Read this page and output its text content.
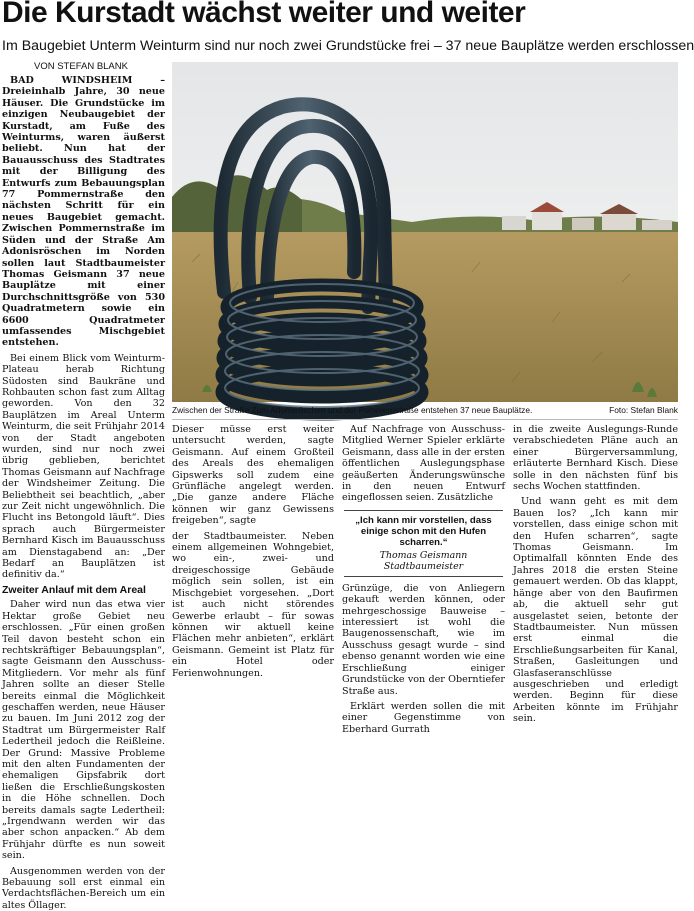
Die Kurstadt wächst weiter und weiter
Im Baugebiet Unterm Weinturm sind nur noch zwei Grundstücke frei – 37 neue Bauplätze werden erschlossen
VON STEFAN BLANK

BAD WINDSHEIM – Dreieinhalb Jahre, 30 neue Häuser. Die Grundstücke im einzigen Neubaugebiet der Kurstadt, am Fuße des Weinturms, waren äußerst beliebt. Nun hat der Bauausschuss des Stadtrates mit der Billigung des Entwurfs zum Bebauungsplan 77 Pommernstraße den nächsten Schritt für ein neues Baugebiet gemacht. Zwischen Pommernstraße im Süden und der Straße Am Adonisröschen im Norden sollen laut Stadtbaumeister Thomas Geismann 37 neue Bauplätze mit einer Durchschnittsgröße von 530 Quadratmetern sowie ein 6600 Quadratmeter umfassendes Mischgebiet entstehen.

Bei einem Blick vom Weinturm-Plateau herab Richtung Südosten sind Baukräne und Rohbauten schon fast zum Alltag geworden. Von den 32 Bauplätzen im Areal Unterm Weinturm, die seit Frühjahr 2014 von der Stadt angeboten wurden, sind nur noch zwei übrig geblieben, berichtet Thomas Geismann auf Nachfrage der Windsheimer Zeitung. Die Beliebtheit sei beachtlich, „aber zur Zeit nicht ungewöhnlich. Die Flucht ins Betongold läuft“. Dies sprach auch Bürgermeister Bernhard Kisch im Bauausschuss am Dienstagabend an: „Der Bedarf an Bauplätzen ist definitiv da.“

Zweiter Anlauf mit dem Areal

Daher wird nun das etwa vier Hektar große Gebiet neu erschlossen. „Für einen großen Teil davon besteht schon ein rechtskräftiger Bebauungsplan“, sagte Geismann den Ausschuss-Mitgliedern. Vor mehr als fünf Jahren sollte an dieser Stelle bereits einmal die Möglichkeit geschaffen werden, neue Häuser zu bauen. Im Juni 2012 zog der Stadtrat um Bürgermeister Ralf Ledertheil jedoch die Reißleine. Der Grund: Massive Probleme mit den alten Fundamenten der ehemaligen Gipsfabrik dort ließen die Erschließungskosten in die Höhe schnellen. Doch bereits damals sagte Ledertheil: „Irgendwann werden wir das aber schon anpacken.“ Ab dem Frühjahr dürfte es nun soweit sein.

Ausgenommen werden von der Bebauung soll erst einmal ein Verdachtsflächen-Bereich um ein altes Öllager.

Zwischen der Straße Zum Adonisröschen und der Pommernstraße entstehen 37 neue Bauplätze.	Foto: Stefan Blank

Dieser müsse erst weiter untersucht werden, sagte Geismann. Auf einem Großteil des Areals des ehemaligen Gipswerks soll zudem eine Grünfläche angelegt werden. „Die ganze andere Fläche können wir ganz Gewissens freigeben“, sagte

der Stadtbaumeister. Neben einem allgemeinen Wohngebiet, wo ein-, zwei- und dreigeschossige Gebäude möglich sein sollen, ist ein Mischgebiet vorgesehen. „Dort ist auch nicht störendes Gewerbe erlaubt – für sowas können wir aktuell keine Flächen mehr anbieten“, erklärt Geismann. Gemeint ist Platz für ein Hotel oder Ferienwohnungen.

Auf Nachfrage von Ausschuss-Mitglied Werner Spieler erklärte Geismann, dass alle in der ersten öffentlichen Auslegungsphase geäußerten Änderungswünsche in den neuen Entwurf eingeflossen seien. Zusätzliche

„Ich kann mir vorstellen, dass einige schon mit den Hufen scharren.“
Thomas Geismann
Stadtbaumeister

Grünzüge, die von Anliegern gekauft werden können, oder mehrgeschossige Bauweise – interessiert ist wohl die Baugenossenschaft, wie im Ausschuss gesagt wurde – sind ebenso genannt worden wie eine Erschließung einiger Grundstücke von der Oberntiefer Straße aus.

Erklärt werden sollen die mit einer Gegenstimme von Eberhard Gurrath

in die zweite Auslegungs-Runde verabschiedeten Pläne auch an einer Bürgerversammlung, erläuterte Bernhard Kisch. Diese solle in den nächsten fünf bis sechs Wochen stattfinden.

Und wann geht es mit dem Bauen los? „Ich kann mir vorstellen, dass einige schon mit den Hufen scharren“, sagte Thomas Geismann. Im Optimalfall könnten Ende des Jahres 2018 die ersten Steine gemauert werden. Ob das klappt, hänge aber von den Baufirmen ab, die aktuell sehr gut ausgelastet seien, betonte der Stadtbaumeister. Nun müssen erst einmal die Erschließungsarbeiten für Kanal, Straßen, Gasleitungen und Glasfaseranschlüsse ausgeschrieben und erledigt werden. Beginn für diese Arbeiten könnte im Frühjahr sein.
